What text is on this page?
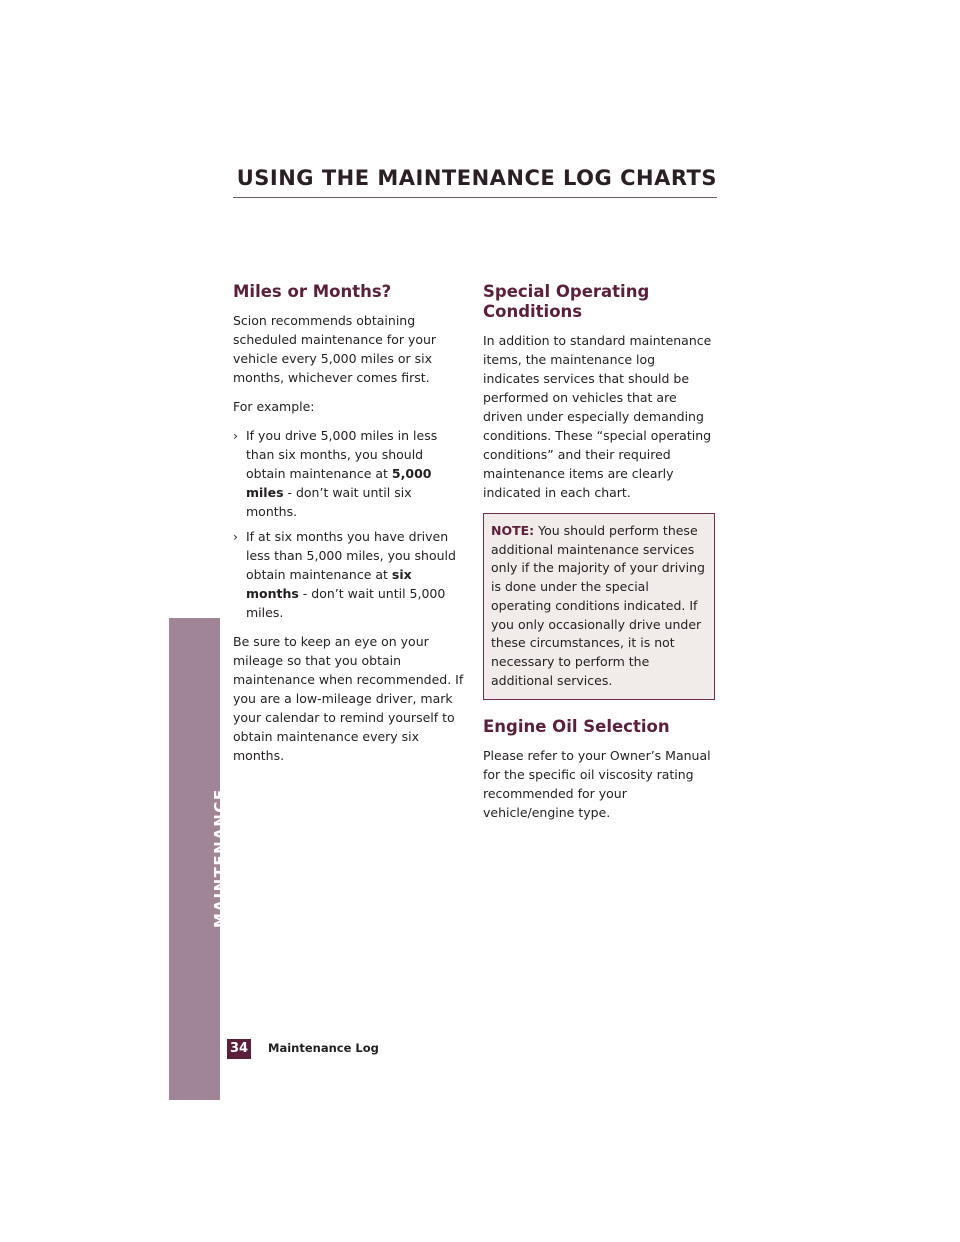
USING THE MAINTENANCE LOG CHARTS
Miles or Months?

Scion recommends obtaining scheduled maintenance for your vehicle every 5,000 miles or six months, whichever comes first.

For example:

› If you drive 5,000 miles in less than six months, you should obtain maintenance at 5,000 miles - don’t wait until six months.
› If at six months you have driven less than 5,000 miles, you should obtain maintenance at six months - don’t wait until 5,000 miles.

Be sure to keep an eye on your mileage so that you obtain maintenance when recommended. If you are a low-mileage driver, mark your calendar to remind yourself to obtain maintenance every six months.

Special Operating Conditions

In addition to standard maintenance items, the maintenance log indicates services that should be performed on vehicles that are driven under especially demanding conditions. These “special operating conditions” and their required maintenance items are clearly indicated in each chart.

NOTE: You should perform these additional maintenance services only if the majority of your driving is done under the special operating conditions indicated. If you only occasionally drive under these circumstances, it is not necessary to perform the additional services.
Engine Oil Selection

Please refer to your Owner’s Manual for the specific oil viscosity rating recommended for your vehicle/engine type.

MAINTENANCE
34 Maintenance Log
